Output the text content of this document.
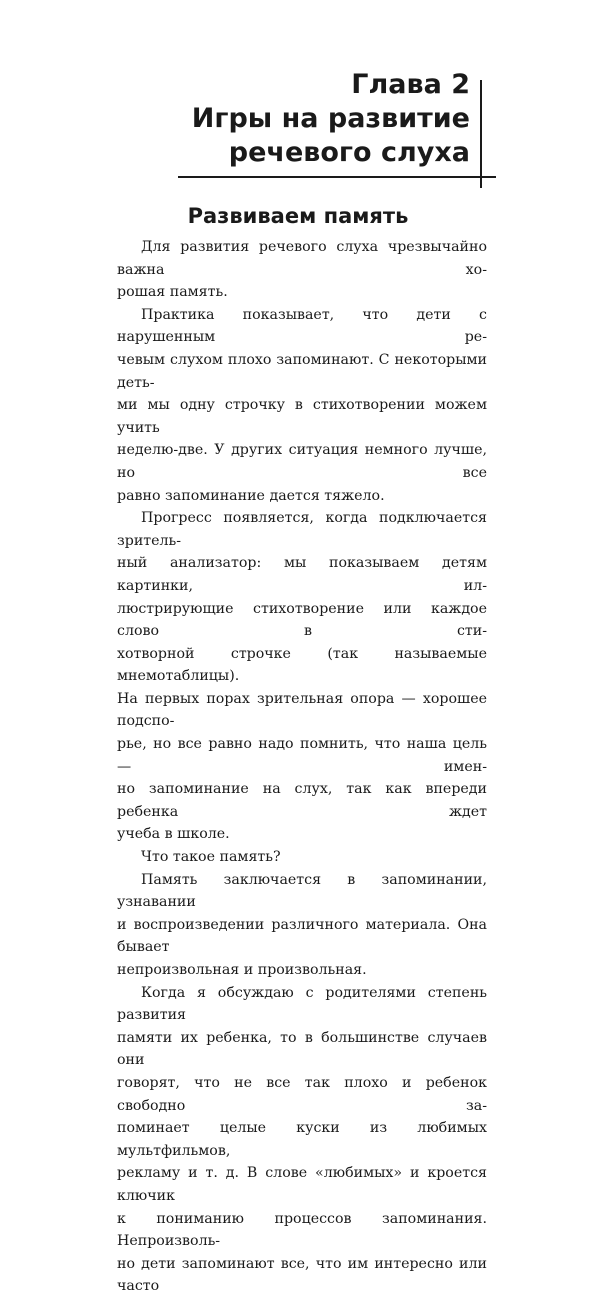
Глава 2
Игры на развитие
речевого слуха
Развиваем память
Для развития речевого слуха чрезвычайно важна хо-
рошая память.
Практика показывает, что дети с нарушенным ре-
чевым слухом плохо запоминают. С некоторыми деть-
ми мы одну строчку в стихотворении можем учить
неделю-две. У других ситуация немного лучше, но все
равно запоминание дается тяжело.
Прогресс появляется, когда подключается зритель-
ный анализатор: мы показываем детям картинки, ил-
люстрирующие стихотворение или каждое слово в сти-
хотворной строчке (так называемые мнемотаблицы).
На первых порах зрительная опора — хорошее подспо-
рье, но все равно надо помнить, что наша цель — имен-
но запоминание на слух, так как впереди ребенка ждет
учеба в школе.
Что такое память?
Память заключается в запоминании, узнавании
и воспроизведении различного материала. Она бывает
непроизвольная и произвольная.
Когда я обсуждаю с родителями степень развития
памяти их ребенка, то в большинстве случаев они
говорят, что не все так плохо и ребенок свободно за-
поминает целые куски из любимых мультфильмов,
рекламу и т. д. В слове «любимых» и кроется ключик
к пониманию процессов запоминания. Непроизволь-
но дети запоминают все, что им интересно или часто
